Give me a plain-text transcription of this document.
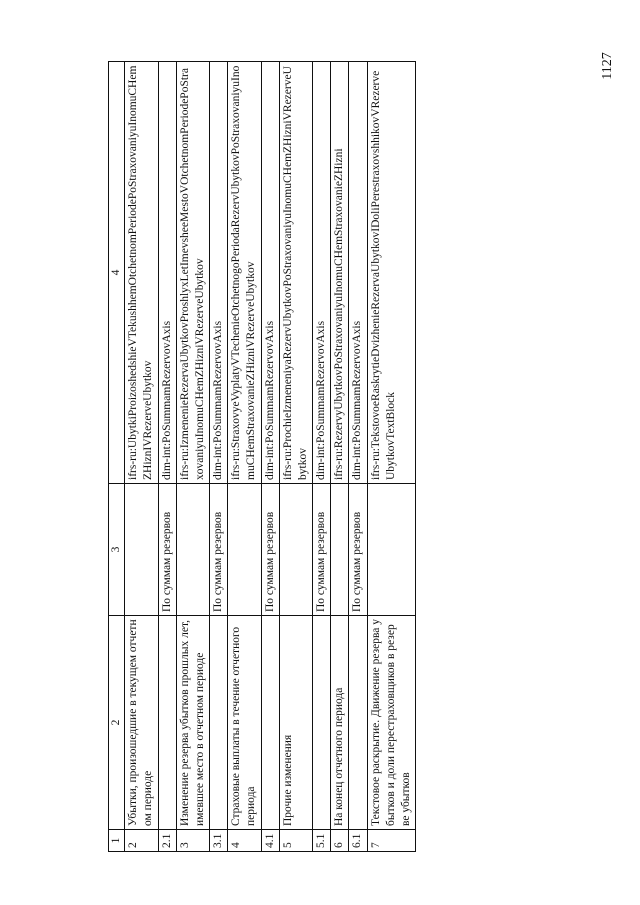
1127
1	2	3	4
2	Убытки, произошедшие в текущем отчетном периоде		ifrs-ru:UbytkiProizoshedshieVTekushhemOtchetnomPeriodePoStraxovaniyuInomuCHemZHiznIVRezerveUbytkov
2.1		По суммам резервов	dim-int:PoSummamRezervovAxis
3	Изменение резерва убытков прошлых лет, имевшее место в отчетном периоде		ifrs-ru:IzmenenieRezervaUbytkovProshlyxLetImevsheeMestoVOtchetnomPeriodePoStraxovaniyuInomuCHemZHizniVRezerveUbytkov
3.1		По суммам резервов	dim-int:PoSummamRezervovAxis
4	Страховые выплаты в течение отчетного периода		ifrs-ru:StraxovyeVyplatyVTechenieOtchetnogoPeriodaRezervUbytkovPoStraxovaniyuInomuCHemStraxovanieZHizniVRezerveUbytkov
4.1		По суммам резервов	dim-int:PoSummamRezervovAxis
5	Прочие изменения		ifrs-ru:ProchieIzmeneniyaRezervUbytkovPoStraxovaniyuInomuCHemZHizniVRezerveUbytkov
5.1		По суммам резервов	dim-int:PoSummamRezervovAxis
6	На конец отчетного периода		ifrs-ru:RezervyUbytkovPoStraxovaniyuInomuCHemStraxovanieZHizni
6.1		По суммам резервов	dim-int:PoSummamRezervovAxis
7	Текстовое раскрытие. Движение резерва убытков и доли перестраховщиков в резерве убытков		ifrs-ru:TekstovoeRaskrytieDvizhenieRezervaUbytkovIDoliPerestraxovshhikovVRezerveUbytkovTextBlock
